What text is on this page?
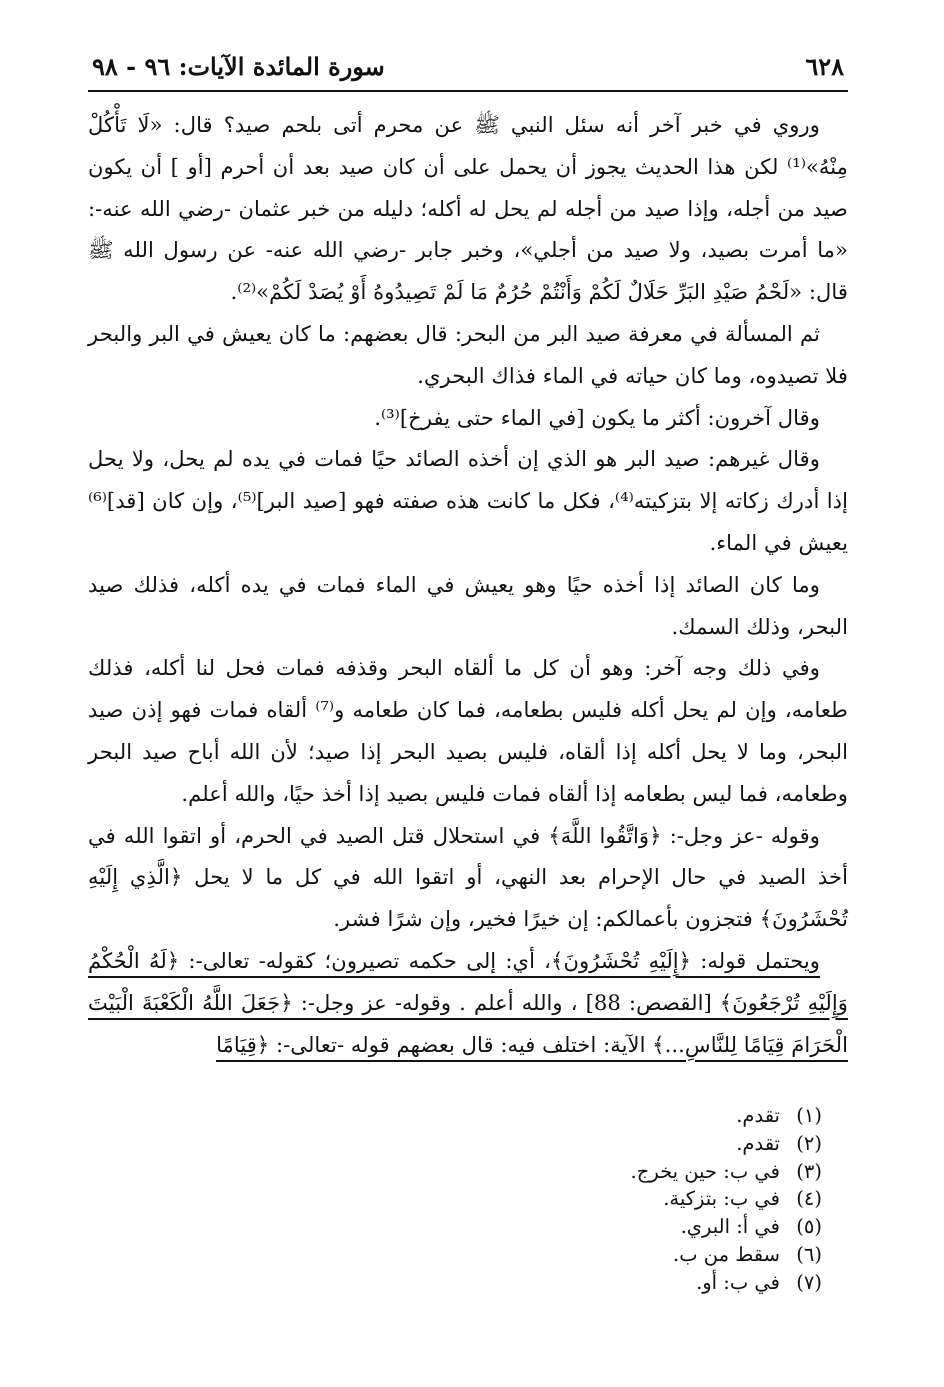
٦٢٨
سورة المائدة الآيات: ٩٦ - ٩٨

وروي في خبر آخر أنه سئل النبي ﷺ عن محرم أتى بلحم صيد؟ قال: «لَا تَأْكُلْ مِنْهُ»⁽¹⁾ لكن هذا الحديث يجوز أن يحمل على أن كان صيد بعد أن أحرم [أو ] أن يكون صيد من أجله، وإذا صيد من أجله لم يحل له أكله؛ دليله من خبر عثمان -رضي الله عنه-: «ما أمرت بصيد، ولا صيد من أجلي»، وخبر جابر -رضي الله عنه- عن رسول الله ﷺ قال: «لَحْمُ صَيْدِ البَرِّ حَلَالٌ لَكُمْ وَأَنْتُمْ حُرُمٌ مَا لَمْ تَصِيدُوهُ أَوْ يُصَدْ لَكُمْ»⁽²⁾.

ثم المسألة في معرفة صيد البر من البحر: قال بعضهم: ما كان يعيش في البر والبحر فلا تصيدوه، وما كان حياته في الماء فذاك البحري.

وقال آخرون: أكثر ما يكون [في الماء حتى يفرخ]⁽³⁾.

وقال غيرهم: صيد البر هو الذي إن أخذه الصائد حيًا فمات في يده لم يحل، ولا يحل إذا أدرك زكاته إلا بتزكيته⁽⁴⁾، فكل ما كانت هذه صفته فهو [صيد البر]⁽⁵⁾، وإن كان [قد]⁽⁶⁾ يعيش في الماء.

وما كان الصائد إذا أخذه حيًا وهو يعيش في الماء فمات في يده أكله، فذلك صيد البحر، وذلك السمك.

وفي ذلك وجه آخر: وهو أن كل ما ألقاه البحر وقذفه فمات فحل لنا أكله، فذلك طعامه، وإن لم يحل أكله فليس بطعامه، فما كان طعامه و⁽⁷⁾ ألقاه فمات فهو إذن صيد البحر، وما لا يحل أكله إذا ألقاه، فليس بصيد البحر إذا صيد؛ لأن الله أباح صيد البحر وطعامه، فما ليس بطعامه إذا ألقاه فمات فليس بصيد إذا أخذ حيًا، والله أعلم.

وقوله -عز وجل-: ﴿وَاتَّقُوا اللَّهَ﴾ في استحلال قتل الصيد في الحرم، أو اتقوا الله في أخذ الصيد في حال الإحرام بعد النهي، أو اتقوا الله في كل ما لا يحل ﴿الَّذِي إِلَيْهِ تُحْشَرُونَ﴾ فتجزون بأعمالكم: إن خيرًا فخير، وإن شرًا فشر.

ويحتمل قوله: ﴿إِلَيْهِ تُحْشَرُونَ﴾، أي: إلى حكمه تصيرون؛ كقوله- تعالى-: ﴿لَهُ الْحُكْمُ وَإِلَيْهِ تُرْجَعُونَ﴾ [القصص: 88] ، والله أعلم . وقوله- عز وجل-: ﴿جَعَلَ اللَّهُ الْكَعْبَةَ الْبَيْتَ الْحَرَامَ قِيَامًا لِلنَّاسِ...﴾ الآية: اختلف فيه: قال بعضهم قوله -تعالى-: ﴿قِيَامًا

(١)
تقدم.
(٢)
تقدم.
(٣)
في ب: حين يخرج.
(٤)
في ب: بتزكية.
(٥)
في أ: البري.
(٦)
سقط من ب.
(٧)
في ب: أو.
